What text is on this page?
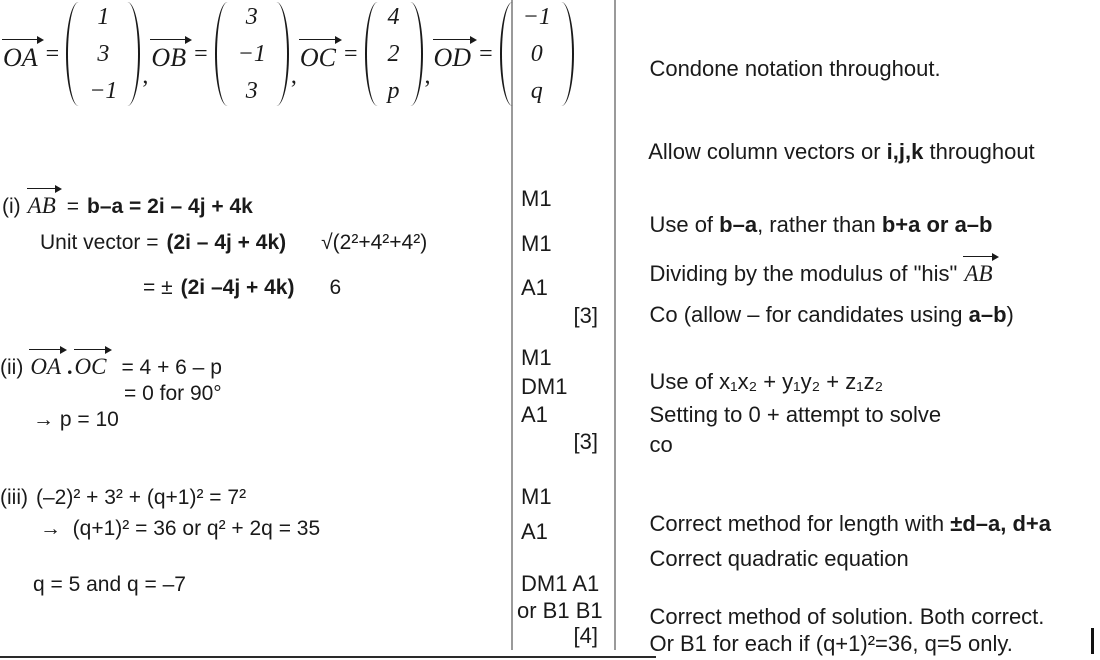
OA =
1
3
−1
,
OB =
3
−1
3
,
OC =
4
2
p
,
OD =
−1
0
q
(i) AB = b–a = 2i – 4j + 4k
Unit vector = (2i – 4j + 4k) √(2²+4²+4²)
= ± (2i –4j + 4k) 6
(ii) OA . OC = 4 + 6 – p
= 0 for 90°
→ p = 10
(iii) (–2)² + 3² + (q+1)² = 7²
→  (q+1)² = 36 or q² + 2q = 35
q = 5 and q = –7
M1
M1
A1
[3]
M1
DM1
A1
[3]
M1
A1
DM1 A1
or B1 B1
[4]

Condone notation throughout.

Allow column vectors or i,j,k throughout

Use of b–a, rather than b+a or a–b

Dividing by the modulus of "his" AB

Co (allow – for candidates using a–b)

Use of x₁x₂ + y₁y₂ + z₁z₂

Setting to 0 + attempt to solve

co

Correct method for length with ±d–a, d+a

Correct quadratic equation

Correct method of solution. Both correct.

Or B1 for each if (q+1)²=36, q=5 only.
